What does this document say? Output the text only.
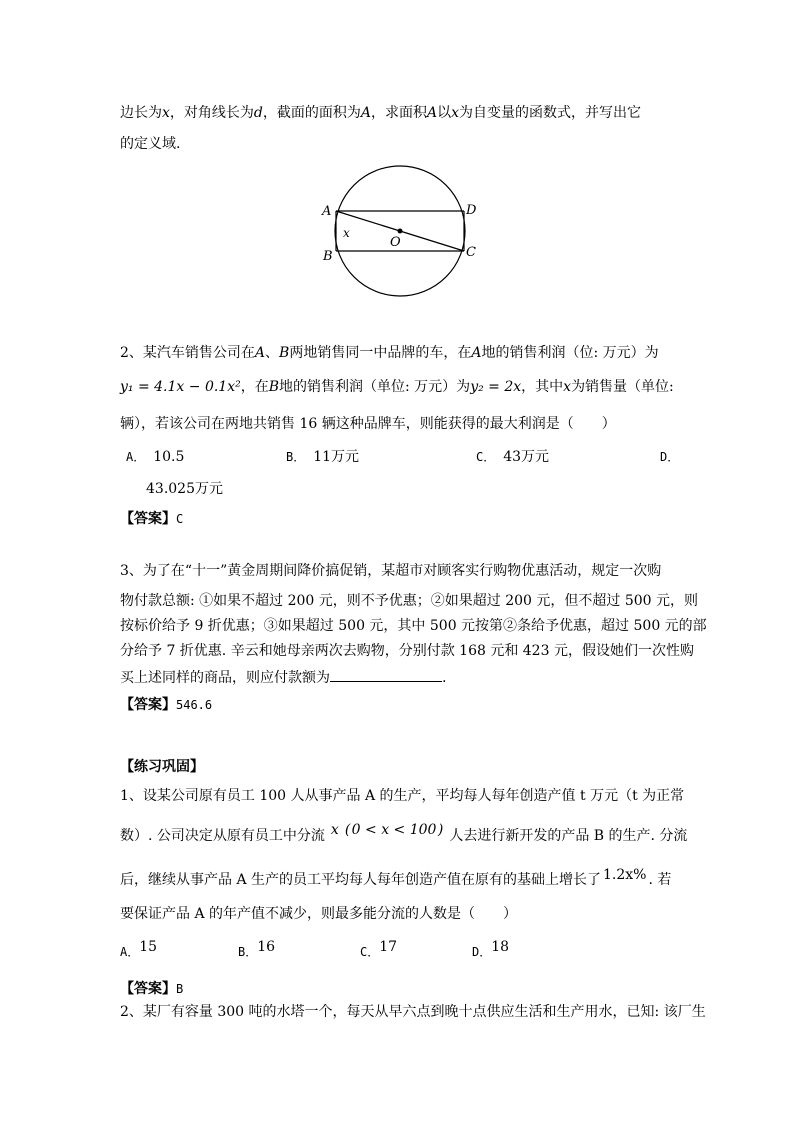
边长为x，对角线长为d，截面的面积为A，求面积A以x为自变量的函数式，并写出它
的定义域.
A
B	C
D
O
x
2、某汽车销售公司在A、B两地销售同一中品牌的车，在A地的销售利润（位: 万元）为
y₁ = 4.1x − 0.1x²，在B地的销售利润（单位: 万元）为y₂ = 2x，其中x为销售量（单位:
辆），若该公司在两地共销售 16 辆这种品牌车，则能获得的最大利润是（　　）
A． 10.5	B． 11万元	C． 43万元	D．
43.025万元
【答案】C
3、为了在“十一”黄金周期间降价搞促销，某超市对顾客实行购物优惠活动，规定一次购
物付款总额: ①如果不超过 200 元，则不予优惠；②如果超过 200 元，但不超过 500 元，则
按标价给予 9 折优惠；③如果超过 500 元，其中 500 元按第②条给予优惠，超过 500 元的部
分给予 7 折优惠. 辛云和她母亲两次去购物，分别付款 168 元和 423 元，假设她们一次性购
买上述同样的商品，则应付款额为	.
【答案】546.6
【练习巩固】
1、设某公司原有员工 100 人从事产品 A 的生产，平均每人每年创造产值 t 万元（t 为正常
数）. 公司决定从原有员工中分流 x ( 0 < x < 100 ) 人去进行新开发的产品 B 的生产. 分流
后，继续从事产品 A 生产的员工平均每人每年创造产值在原有的基础上增长了 1.2x% . 若
要保证产品 A 的年产值不减少，则最多能分流的人数是（　　）
A．15	B．16	C．17	D．18
【答案】B
2、某厂有容量 300 吨的水塔一个，每天从早六点到晚十点供应生活和生产用水，已知: 该厂生
